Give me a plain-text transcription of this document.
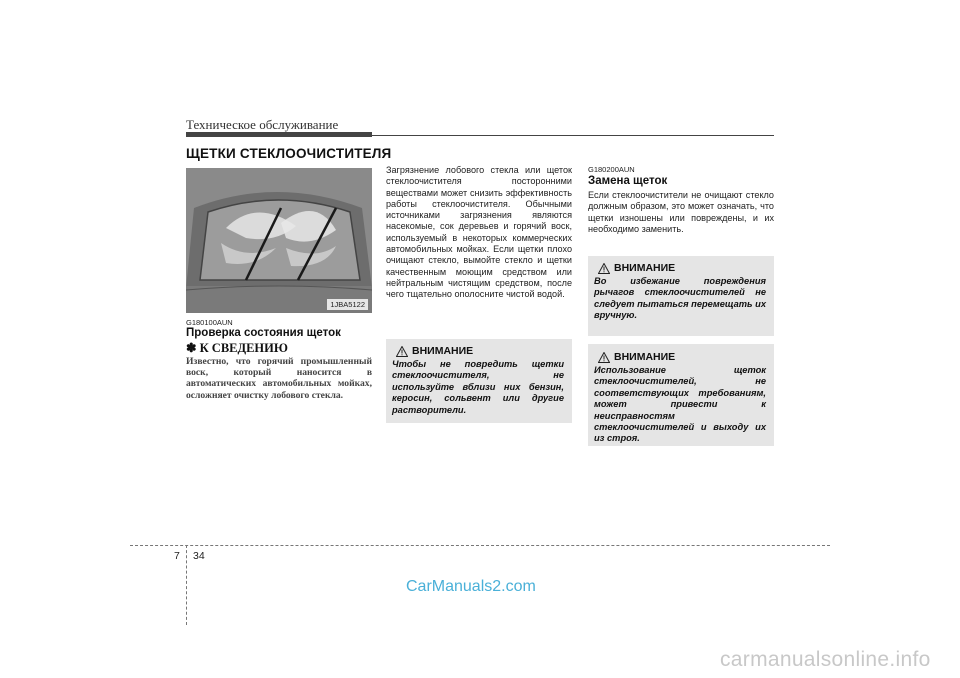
Техническое обслуживание
ЩЕТКИ СТЕКЛООЧИСТИТЕЛЯ
1JBA5122
G180100AUN
Проверка состояния щеток
✽ К СВЕДЕНИЮ
Известно, что горячий промышленный воск, который наносится в автоматических автомобильных мойках, осложняет очистку лобового стекла.

Загрязнение лобового стекла или щеток стеклоочистителя посторонними веществами может снизить эффективность работы стеклоочистителя. Обычными источниками загрязнения являются насекомые, сок деревьев и горячий воск, используемый в некоторых коммерческих автомобильных мойках. Если щетки плохо очищают стекло, вымойте стекло и щетки качественным моющим средством или нейтральным чистящим средством, после чего тщательно ополосните чистой водой.

ВНИМАНИЕ
Чтобы не повредить щетки стеклоочистителя, не используйте вблизи них бензин, керосин, сольвент или другие растворители.
G180200AUN
Замена щеток

Если стеклоочистители не очищают стекло должным образом, это может означать, что щетки изношены или повреждены, и их необходимо заменить.

ВНИМАНИЕ
Во избежание повреждения рычагов стеклоочистителей не следует пытаться перемещать их вручную.
ВНИМАНИЕ
Использование щеток стеклоочистителей, не соответствующих требованиям, может привести к неисправностям стеклоочистителей и выходу их из строя.
7 34
CarManuals2.com
carmanualsonline.info
